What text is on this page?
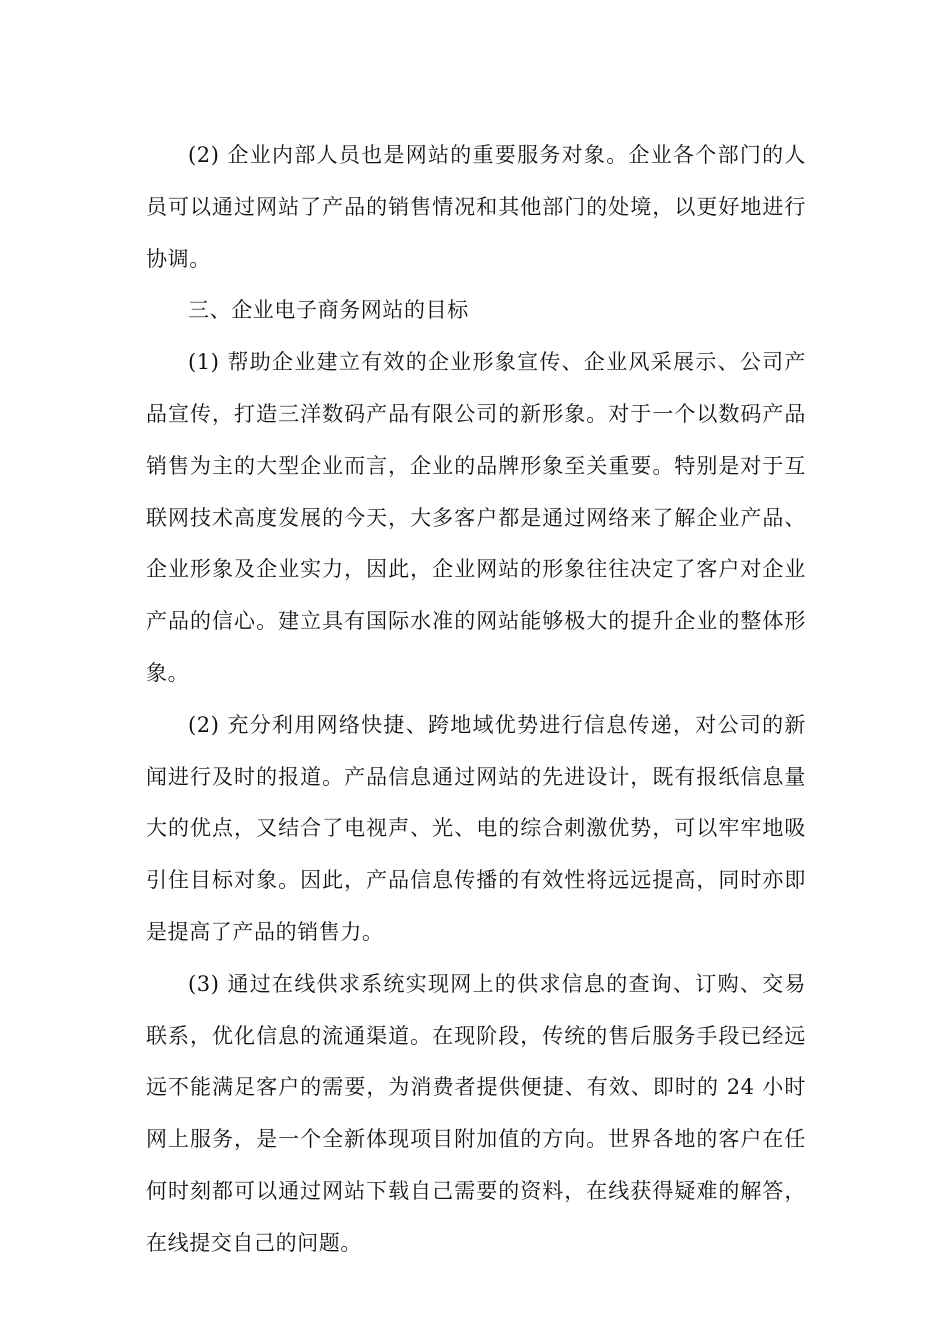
(2) 企业内部人员也是网站的重要服务对象。企业各个部门的人员可以通过网站了产品的销售情况和其他部门的处境，以更好地进行协调。

三、企业电子商务网站的目标

(1) 帮助企业建立有效的企业形象宣传、企业风采展示、公司产品宣传，打造三洋数码产品有限公司的新形象。对于一个以数码产品销售为主的大型企业而言，企业的品牌形象至关重要。特别是对于互联网技术高度发展的今天，大多客户都是通过网络来了解企业产品、企业形象及企业实力，因此，企业网站的形象往往决定了客户对企业产品的信心。建立具有国际水准的网站能够极大的提升企业的整体形象。

(2) 充分利用网络快捷、跨地域优势进行信息传递，对公司的新闻进行及时的报道。产品信息通过网站的先进设计，既有报纸信息量大的优点，又结合了电视声、光、电的综合刺激优势，可以牢牢地吸引住目标对象。因此，产品信息传播的有效性将远远提高，同时亦即是提高了产品的销售力。

(3) 通过在线供求系统实现网上的供求信息的查询、订购、交易联系，优化信息的流通渠道。在现阶段，传统的售后服务手段已经远远不能满足客户的需要，为消费者提供便捷、有效、即时的 24 小时网上服务，是一个全新体现项目附加值的方向。世界各地的客户在任何时刻都可以通过网站下载自己需要的资料，在线获得疑难的解答，在线提交自己的问题。
